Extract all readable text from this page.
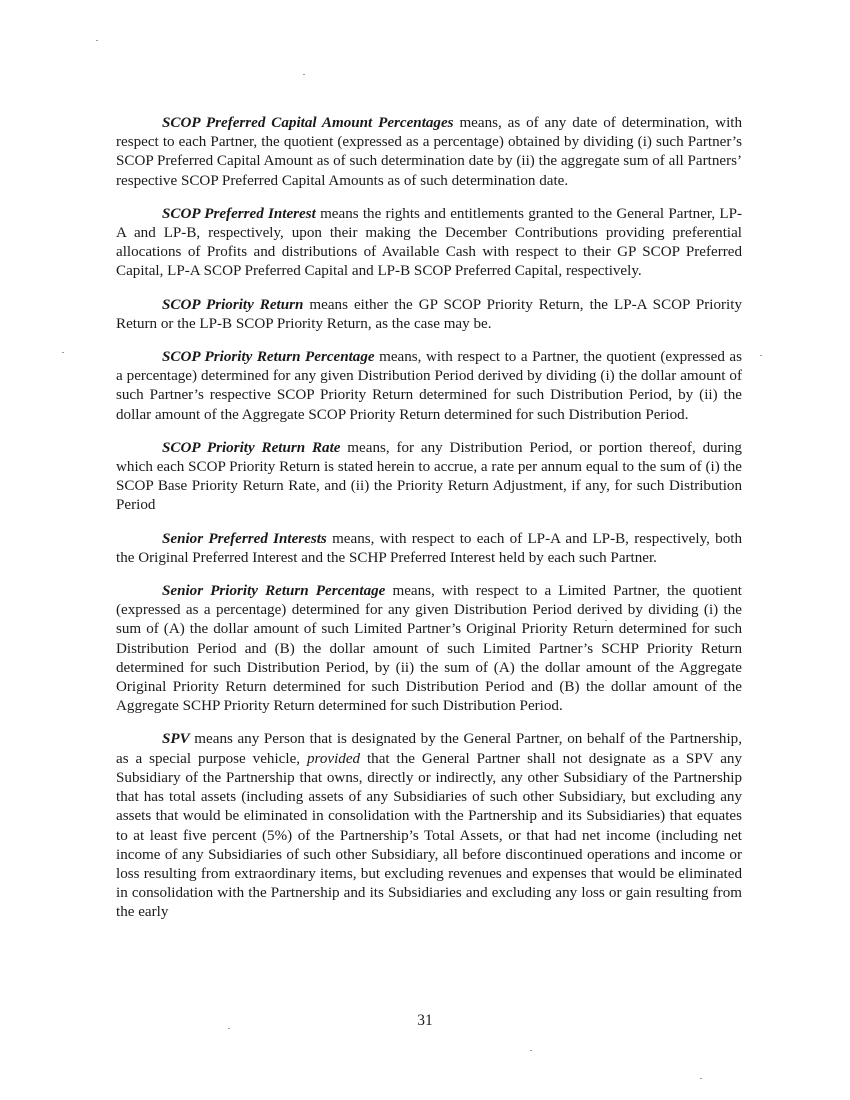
SCOP Preferred Capital Amount Percentages means, as of any date of determination, with respect to each Partner, the quotient (expressed as a percentage) obtained by dividing (i) such Partner’s SCOP Preferred Capital Amount as of such determination date by (ii) the aggregate sum of all Partners’ respective SCOP Preferred Capital Amounts as of such determination date.

SCOP Preferred Interest means the rights and entitlements granted to the General Partner, LP-A and LP-B, respectively, upon their making the December Contributions providing preferential allocations of Profits and distributions of Available Cash with respect to their GP SCOP Preferred Capital, LP-A SCOP Preferred Capital and LP-B SCOP Preferred Capital, respectively.

SCOP Priority Return means either the GP SCOP Priority Return, the LP-A SCOP Priority Return or the LP-B SCOP Priority Return, as the case may be.

SCOP Priority Return Percentage means, with respect to a Partner, the quotient (expressed as a percentage) determined for any given Distribution Period derived by dividing (i) the dollar amount of such Partner’s respective SCOP Priority Return determined for such Distribution Period, by (ii) the dollar amount of the Aggregate SCOP Priority Return determined for such Distribution Period.

SCOP Priority Return Rate means, for any Distribution Period, or portion thereof, during which each SCOP Priority Return is stated herein to accrue, a rate per annum equal to the sum of (i) the SCOP Base Priority Return Rate, and (ii) the Priority Return Adjustment, if any, for such Distribution Period

Senior Preferred Interests means, with respect to each of LP-A and LP-B, respectively, both the Original Preferred Interest and the SCHP Preferred Interest held by each such Partner.

Senior Priority Return Percentage means, with respect to a Limited Partner, the quotient (expressed as a percentage) determined for any given Distribution Period derived by dividing (i) the sum of (A) the dollar amount of such Limited Partner’s Original Priority Return determined for such Distribution Period and (B) the dollar amount of such Limited Partner’s SCHP Priority Return determined for such Distribution Period, by (ii) the sum of (A) the dollar amount of the Aggregate Original Priority Return determined for such Distribution Period and (B) the dollar amount of the Aggregate SCHP Priority Return determined for such Distribution Period.

SPV means any Person that is designated by the General Partner, on behalf of the Partnership, as a special purpose vehicle, provided that the General Partner shall not designate as a SPV any Subsidiary of the Partnership that owns, directly or indirectly, any other Subsidiary of the Partnership that has total assets (including assets of any Subsidiaries of such other Subsidiary, but excluding any assets that would be eliminated in consolidation with the Partnership and its Subsidiaries) that equates to at least five percent (5%) of the Partnership’s Total Assets, or that had net income (including net income of any Subsidiaries of such other Subsidiary, all before discontinued operations and income or loss resulting from extraordinary items, but excluding revenues and expenses that would be eliminated in consolidation with the Partnership and its Subsidiaries and excluding any loss or gain resulting from the early

31
